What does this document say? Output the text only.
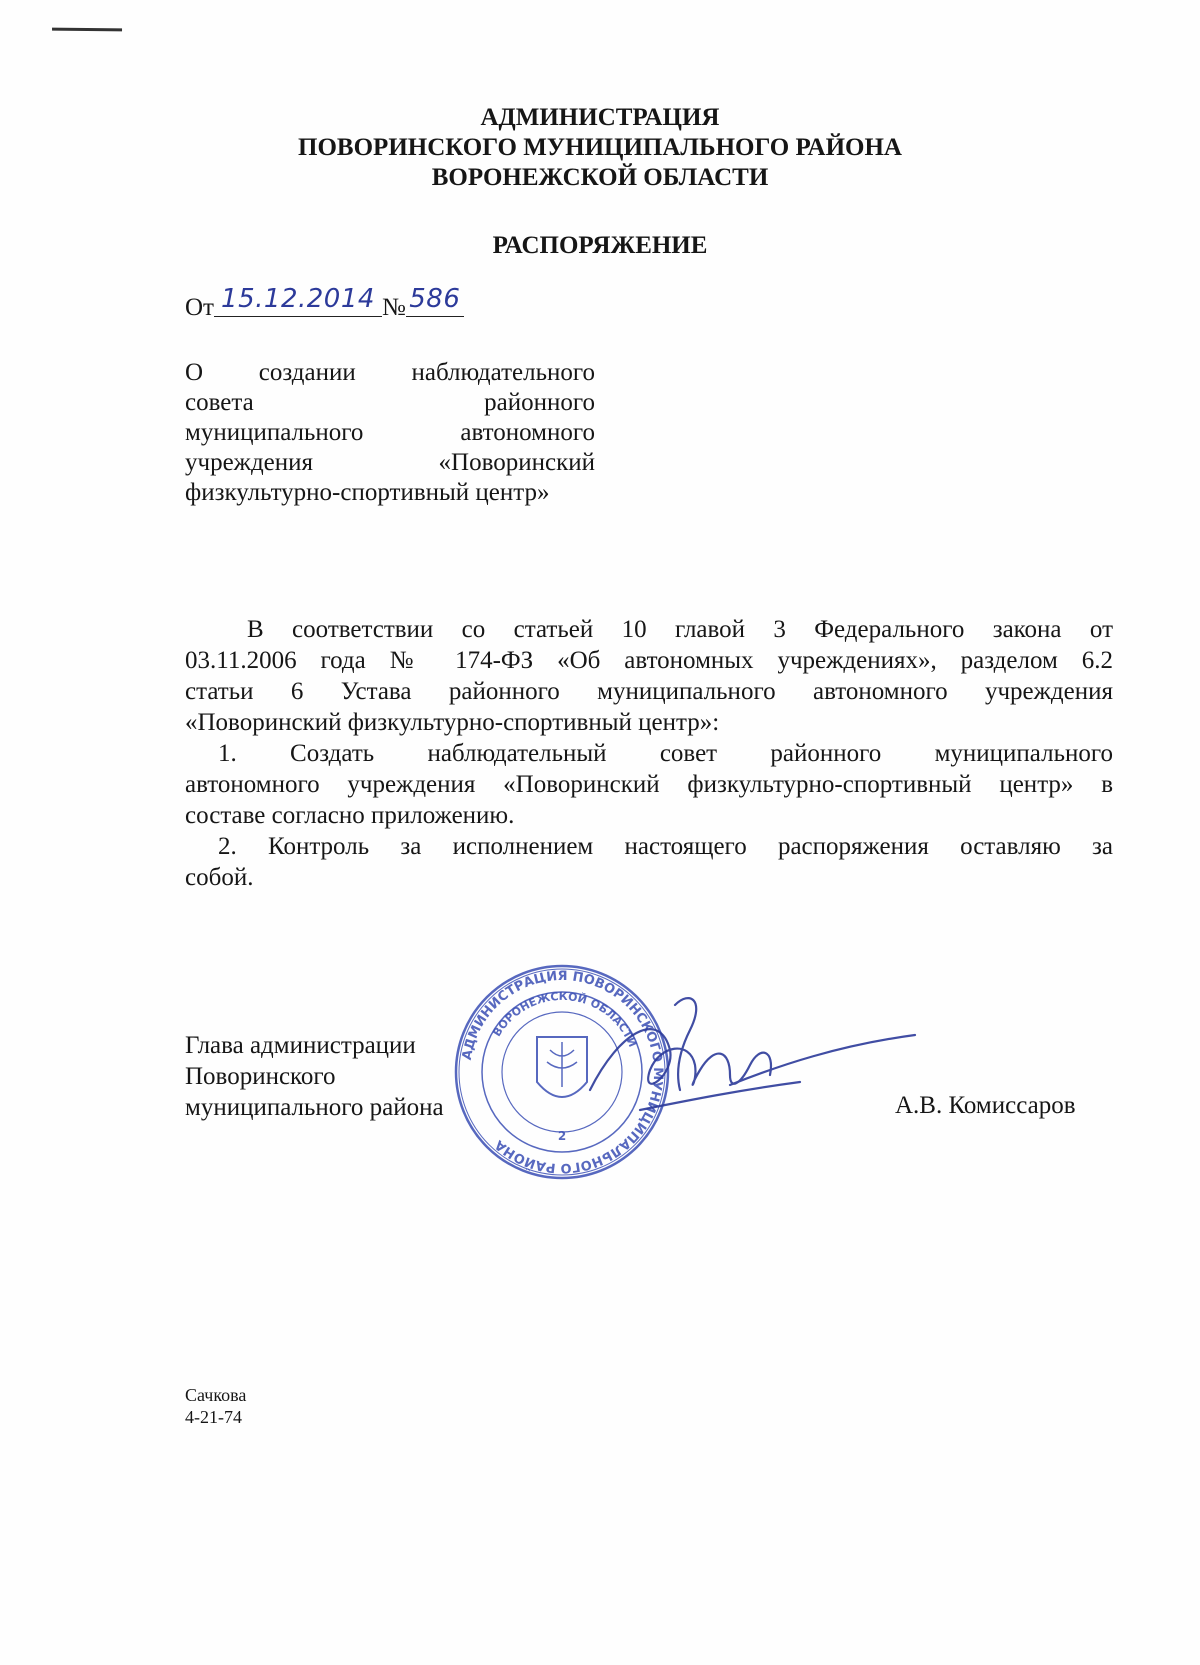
АДМИНИСТРАЦИЯ
ПОВОРИНСКОГО МУНИЦИПАЛЬНОГО РАЙОНА
ВОРОНЕЖСКОЙ ОБЛАСТИ
РАСПОРЯЖЕНИЕ
От 15.12.2014 № 586
О создании наблюдательного
совета районного
муниципального автономного
учреждения «Поворинский
физкультурно-спортивный центр»
В соответствии со статьей 10 главой 3 Федерального закона от
03.11.2006 года № 174-ФЗ «Об автономных учреждениях», разделом 6.2
статьи 6 Устава районного муниципального автономного учреждения
«Поворинский физкультурно-спортивный центр»:
1. Создать наблюдательный совет районного муниципального
автономного учреждения «Поворинский физкультурно-спортивный центр» в
составе согласно приложению.
2. Контроль за исполнением настоящего распоряжения оставляю за
собой.
Глава администрации
Поворинского
муниципального района
АДМИНИСТРАЦИЯ ПОВОРИНСКОГО МУНИЦИПАЛЬНОГО РАЙОНА
ВОРОНЕЖСКОЙ ОБЛАСТИ
2
А.В. Комиссаров
Сачкова
4-21-74
